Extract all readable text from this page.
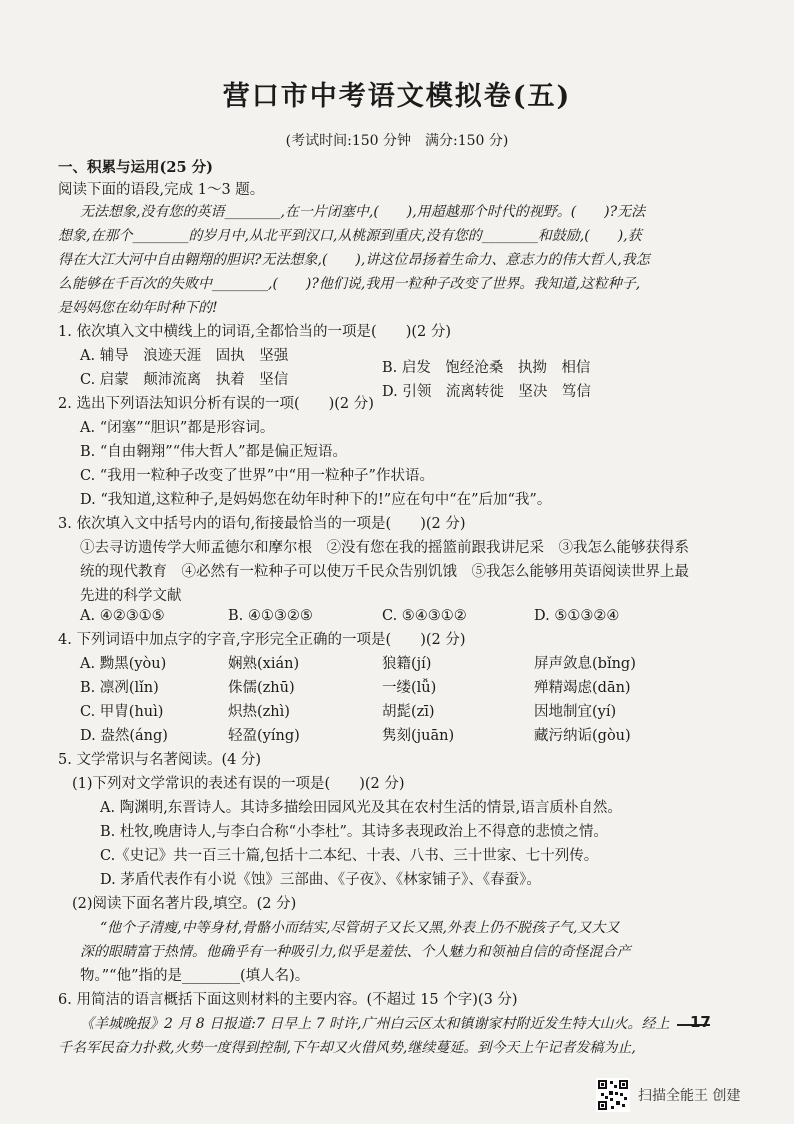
营口市中考语文模拟卷(五)
(考试时间:150 分钟　满分:150 分)
一、积累与运用(25 分)
阅读下面的语段,完成 1～3 题。
无法想象,没有您的英语________,在一片闭塞中,(　　),用超越那个时代的视野。(　　)?无法
想象,在那个________的岁月中,从北平到汉口,从桃源到重庆,没有您的________和鼓励,(　　),获
得在大江大河中自由翱翔的胆识?无法想象,(　　),讲这位昂扬着生命力、意志力的伟大哲人,我怎
么能够在千百次的失败中________,(　　)?他们说,我用一粒种子改变了世界。我知道,这粒种子,
是妈妈您在幼年时种下的!
1. 依次填入文中横线上的词语,全都恰当的一项是(　　)(2 分)
A. 辅导　浪迹天涯　固执　坚强
B. 启发　饱经沧桑　执拗　相信
C. 启蒙　颠沛流离　执着　坚信
D. 引领　流离转徙　坚决　笃信
2. 选出下列语法知识分析有误的一项(　　)(2 分)
A. “闭塞”“胆识”都是形容词。
B. “自由翱翔”“伟大哲人”都是偏正短语。
C. “我用一粒种子改变了世界”中“用一粒种子”作状语。
D. “我知道,这粒种子,是妈妈您在幼年时种下的!”应在句中“在”后加“我”。
3. 依次填入文中括号内的语句,衔接最恰当的一项是(　　)(2 分)
①去寻访遗传学大师孟德尔和摩尔根　②没有您在我的摇篮前跟我讲尼采　③我怎么能够获得系
统的现代教育　④必然有一粒种子可以使万千民众告别饥饿　⑤我怎么能够用英语阅读世界上最
先进的科学文献
A. ④②③①⑤	B. ④①③②⑤	C. ⑤④③①②	D. ⑤①③②④
4. 下列词语中加点字的字音,字形完全正确的一项是(　　)(2 分)
A. 黝黑(yòu)	娴熟(xián)	狼籍(jí)	屏声敛息(bǐng)
B. 凛冽(lǐn)	侏儒(zhū)	一缕(lǚ)	殚精竭虑(dān)
C. 甲胄(huì)	炽热(zhì)	胡髭(zī)	因地制宜(yí)
D. 盎然(áng)	轻盈(yíng)	隽刻(juān)	藏污纳诟(gòu)
5. 文学常识与名著阅读。(4 分)
(1)下列对文学常识的表述有误的一项是(　　)(2 分)
A. 陶渊明,东晋诗人。其诗多描绘田园风光及其在农村生活的情景,语言质朴自然。
B. 杜牧,晚唐诗人,与李白合称“小李杜”。其诗多表现政治上不得意的悲愤之情。
C.《史记》共一百三十篇,包括十二本纪、十表、八书、三十世家、七十列传。
D. 茅盾代表作有小说《蚀》三部曲、《子夜》、《林家铺子》、《春蚕》。
(2)阅读下面名著片段,填空。(2 分)
“他个子清瘦,中等身材,骨骼小而结实,尽管胡子又长又黑,外表上仍不脱孩子气,又大又
深的眼睛富于热情。他确乎有一种吸引力,似乎是羞怯、个人魅力和领袖自信的奇怪混合产
物。”“他”指的是________(填人名)。
6. 用简洁的语言概括下面这则材料的主要内容。(不超过 15 个字)(3 分)
《羊城晚报》2 月 8 日报道:7 日早上 7 时许,广州白云区太和镇谢家村附近发生特大山火。经上
千名军民奋力扑救,火势一度得到控制,下午却又火借风势,继续蔓延。到今天上午记者发稿为止,
17
扫描全能王 创建
